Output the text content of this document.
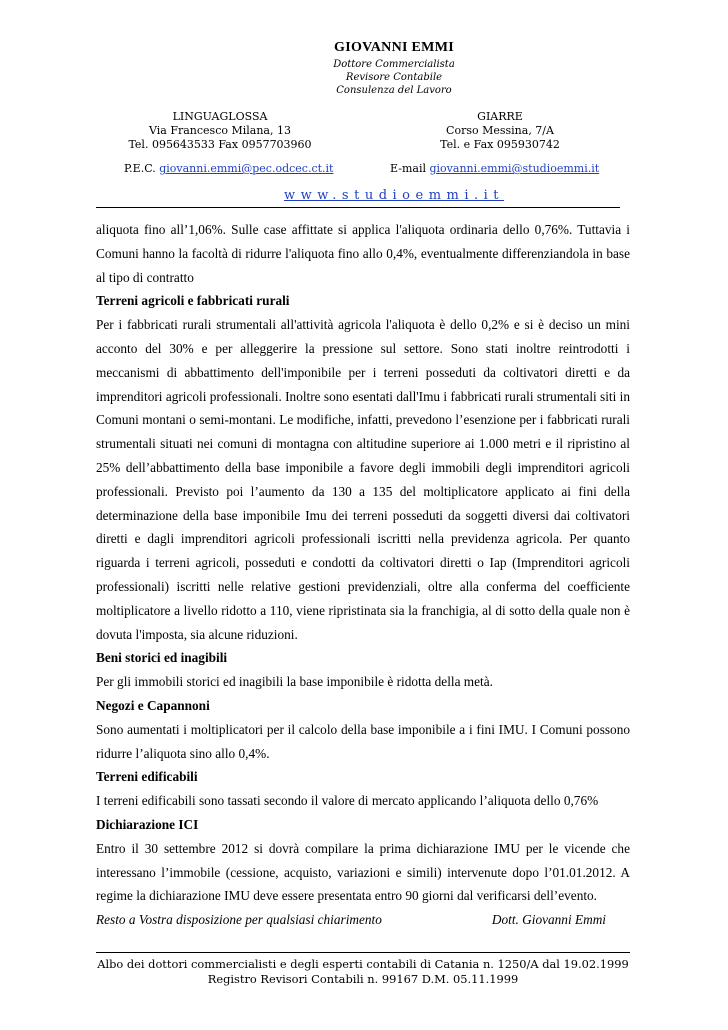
GIOVANNI EMMI
Dottore Commercialista
Revisore Contabile
Consulenza del Lavoro
LINGUAGLOSSA
Via Francesco Milana, 13
Tel. 095643533 Fax 0957703960
GIARRE
Corso Messina, 7/A
Tel. e Fax 095930742
P.E.C. giovanni.emmi@pec.odcec.ct.it	E-mail giovanni.emmi@studioemmi.it
www.studioemmi.it

aliquota fino all’1,06%. Sulle case affittate si applica l'aliquota ordinaria dello 0,76%. Tuttavia i Comuni hanno la facoltà di ridurre l'aliquota fino allo 0,4%, eventualmente differenziandola in base al tipo di contratto

Terreni agricoli e fabbricati rurali

Per i fabbricati rurali strumentali all'attività agricola l'aliquota è dello 0,2% e si è deciso un mini acconto del 30% e per alleggerire la pressione sul settore. Sono stati inoltre reintrodotti i meccanismi di abbattimento dell'imponibile per i terreni posseduti da coltivatori diretti e da imprenditori agricoli professionali. Inoltre sono esentati dall'Imu i fabbricati rurali strumentali siti in Comuni montani o semi-montani. Le modifiche, infatti, prevedono l’esenzione per i fabbricati rurali strumentali situati nei comuni di montagna con altitudine superiore ai 1.000 metri e il ripristino al 25% dell’abbattimento della base imponibile a favore degli immobili degli imprenditori agricoli professionali. Previsto poi l’aumento da 130 a 135 del moltiplicatore applicato ai fini della determinazione della base imponibile Imu dei terreni posseduti da soggetti diversi dai coltivatori diretti e dagli imprenditori agricoli professionali iscritti nella previdenza agricola. Per quanto riguarda i terreni agricoli, posseduti e condotti da coltivatori diretti o Iap (Imprenditori agricoli professionali) iscritti nelle relative gestioni previdenziali, oltre alla conferma del coefficiente moltiplicatore a livello ridotto a 110, viene ripristinata sia la franchigia, al di sotto della quale non è dovuta l'imposta, sia alcune riduzioni.

Beni storici ed inagibili

Per gli immobili storici ed inagibili la base imponibile è ridotta della metà.

Negozi e Capannoni

Sono aumentati i moltiplicatori per il calcolo della base imponibile a i fini IMU. I Comuni possono ridurre l’aliquota sino allo 0,4%.

Terreni edificabili

I terreni edificabili sono tassati secondo il valore di mercato applicando l’aliquota dello 0,76%

Dichiarazione ICI

Entro il 30 settembre 2012 si dovrà compilare la prima dichiarazione IMU per le vicende che interessano l’immobile (cessione, acquisto, variazioni e simili) intervenute dopo l’01.01.2012. A regime la dichiarazione IMU deve essere presentata entro 90 giorni dal verificarsi dell’evento.

Resto a Vostra disposizione per qualsiasi chiarimento	Dott. Giovanni Emmi
Albo dei dottori commercialisti e degli esperti contabili di Catania n. 1250/A dal 19.02.1999
Registro Revisori Contabili n. 99167 D.M. 05.11.1999
